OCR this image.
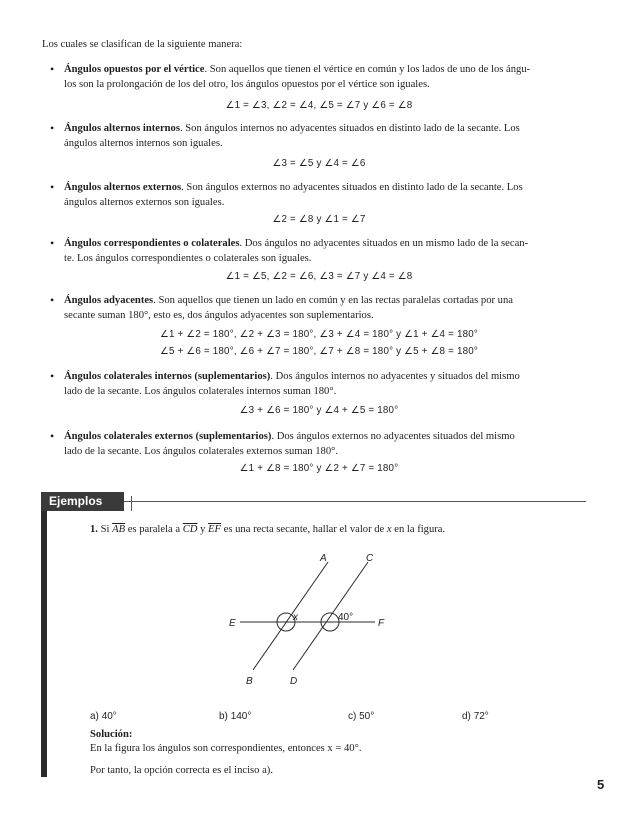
Los cuales se clasifican de la siguiente manera:
• Ángulos opuestos por el vértice. Son aquellos que tienen el vértice en común y los lados de uno de los ángu-
los son la prolongación de los del otro, los ángulos opuestos por el vértice son iguales.
∠1 = ∠3, ∠2 = ∠4, ∠5 = ∠7 y ∠6 = ∠8
• Ángulos alternos internos. Son ángulos internos no adyacentes situados en distinto lado de la secante. Los
ángulos alternos internos son iguales.
∠3 = ∠5 y ∠4 = ∠6
• Ángulos alternos externos. Son ángulos externos no adyacentes situados en distinto lado de la secante. Los
ángulos alternos externos son iguales.
∠2 = ∠8 y ∠1 = ∠7
• Ángulos correspondientes o colaterales. Dos ángulos no adyacentes situados en un mismo lado de la secan-
te. Los ángulos correspondientes o colaterales son iguales.
∠1 = ∠5, ∠2 = ∠6, ∠3 = ∠7 y ∠4 = ∠8
• Ángulos adyacentes. Son aquellos que tienen un lado en común y en las rectas paralelas cortadas por una
secante suman 180°, esto es, dos ángulos adyacentes son suplementarios.
∠1 + ∠2 = 180°, ∠2 + ∠3 = 180°, ∠3 + ∠4 = 180° y ∠1 + ∠4 = 180°
∠5 + ∠6 = 180°, ∠6 + ∠7 = 180°, ∠7 + ∠8 = 180° y ∠5 + ∠8 = 180°
• Ángulos colaterales internos (suplementarios). Dos ángulos internos no adyacentes y situados del mismo
lado de la secante. Los ángulos colaterales internos suman 180°.
∠3 + ∠6 = 180° y ∠4 + ∠5 = 180°
• Ángulos colaterales externos (suplementarios). Dos ángulos externos no adyacentes situados del mismo
lado de la secante. Los ángulos colaterales externos suman 180°.
∠1 + ∠8 = 180° y ∠2 + ∠7 = 180°
Ejemplos
1. Si $\overline{AB}$ es paralela a $\overline{CD}$ y $\overline{EF}$ es una recta secante, hallar el valor de x en la figura.
A	C
E	F
B	D
x	40°
a) 40°	b) 140°	c) 50°	d) 72°
Solución:
En la figura los ángulos son correspondientes, entonces x = 40°.
Por tanto, la opción correcta es el inciso a).
5
